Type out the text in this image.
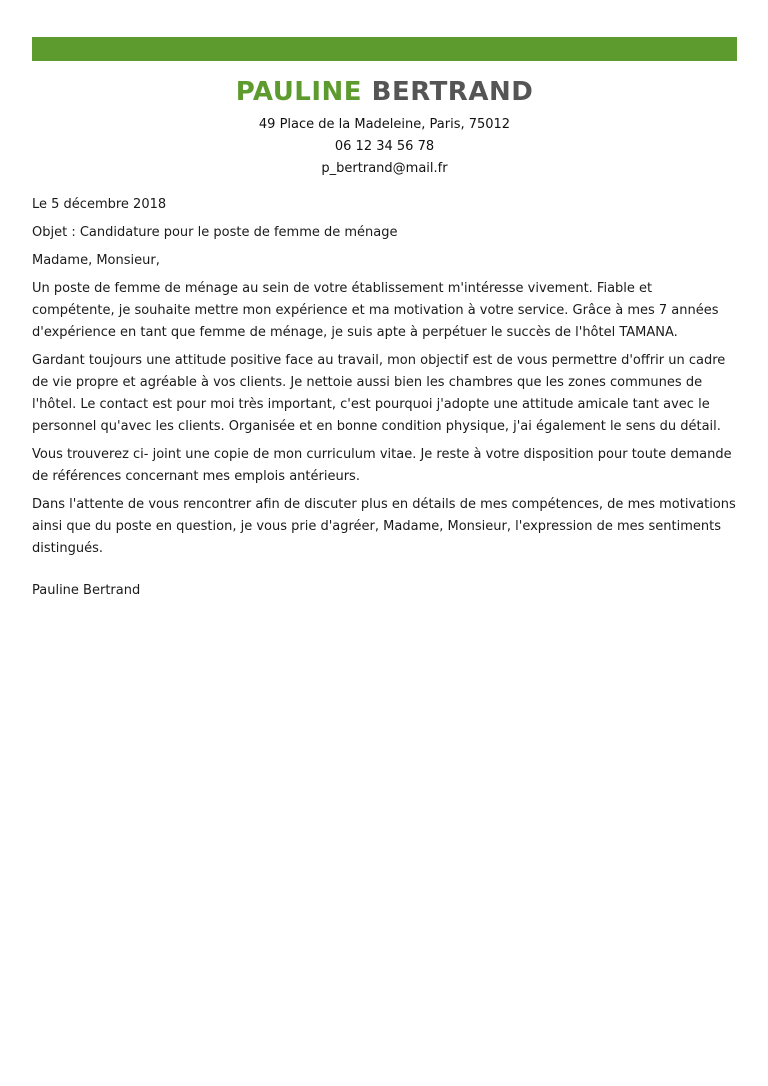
PAULINE BERTRAND

49 Place de la Madeleine, Paris, 75012

06 12 34 56 78

p_bertrand@mail.fr

Le 5 décembre 2018

Objet : Candidature pour le poste de femme de ménage

Madame, Monsieur,

Un poste de femme de ménage au sein de votre établissement m'intéresse vivement. Fiable et compétente, je souhaite mettre mon expérience et ma motivation à votre service. Grâce à mes 7 années d'expérience en tant que femme de ménage, je suis apte à perpétuer le succès de l'hôtel TAMANA.

Gardant toujours une attitude positive face au travail, mon objectif est de vous permettre d'offrir un cadre de vie propre et agréable à vos clients. Je nettoie aussi bien les chambres que les zones communes de l'hôtel. Le contact est pour moi très important, c'est pourquoi j'adopte une attitude amicale tant avec le personnel qu'avec les clients. Organisée et en bonne condition physique, j'ai également le sens du détail.

Vous trouverez ci- joint une copie de mon curriculum vitae. Je reste à votre disposition pour toute demande de références concernant mes emplois antérieurs.

Dans l'attente de vous rencontrer afin de discuter plus en détails de mes compétences, de mes motivations ainsi que du poste en question, je vous prie d'agréer, Madame, Monsieur, l'expression de mes sentiments distingués.

Pauline Bertrand
